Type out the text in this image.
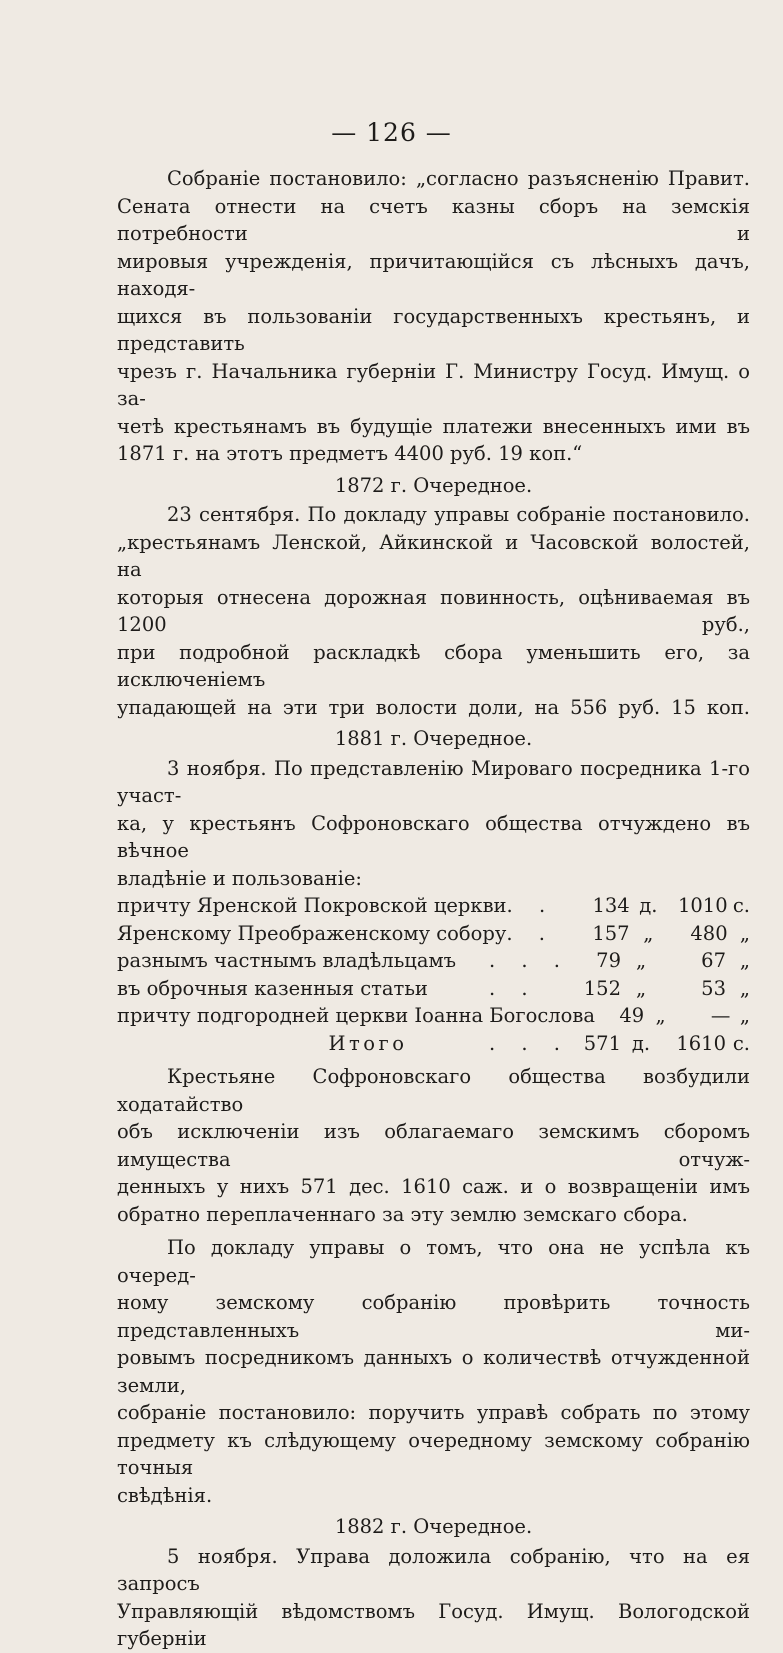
— 126 —
Собраніе постановило: „согласно разъясненію Правит.
Сената отнести на счетъ казны сборъ на земскія потребности и
мировыя учрежденія, причитающійся съ лѣсныхъ дачъ, находя-
щихся въ пользованіи государственныхъ крестьянъ, и представить
чрезъ г. Начальника губерніи Г. Министру Госуд. Имущ. о за-
четѣ крестьянамъ въ будущіе платежи внесенныхъ ими въ
1871 г. на этотъ предметъ 4400 руб. 19 коп.“
1872 г. Очередное.
23 сентября. По докладу управы собраніе постановило.
„крестьянамъ Ленской, Айкинской и Часовской волостей, на
которыя отнесена дорожная повинность, оцѣниваемая въ 1200 руб.,
при подробной раскладкѣ сбора уменьшить его, за исключеніемъ
упадающей на эти три волости доли, на 556 руб. 15 коп.
1881 г. Очередное.
3 ноября. По представленію Мироваго посредника 1-го участ-
ка, у крестьянъ Софроновскаго общества отчуждено въ вѣчное
владѣніе и пользованіе:
причту Яренской Покровской церкви . .	134 д.	1010 с.
Яренскому Преображенскому собору . .	157 „	480 „
разнымъ частнымъ владѣльцамъ	. . .	79 „	67 „
въ оброчныя казенныя статьи	. .	152 „	53 „
причту подгородней церкви Іоанна Богослова	49 „	— „
Итого	. . . 571 д.	1610 с.
Крестьяне Софроновскаго общества возбудили ходатайство
объ исключеніи изъ облагаемаго земскимъ сборомъ имущества отчуж-
денныхъ у нихъ 571 дес. 1610 саж. и о возвращеніи имъ
обратно переплаченнаго за эту землю земскаго сбора.
По докладу управы о томъ, что она не успѣла къ очеред-
ному земскому собранію провѣрить точность представленныхъ ми-
ровымъ посредникомъ данныхъ о количествѣ отчужденной земли,
собраніе постановило: поручить управѣ собрать по этому
предмету къ слѣдующему очередному земскому собранію точныя
свѣдѣнія.
1882 г. Очередное.
5 ноября. Управа доложила собранію, что на ея запросъ
Управляющій вѣдомствомъ Госуд. Имущ. Вологодской губерніи
